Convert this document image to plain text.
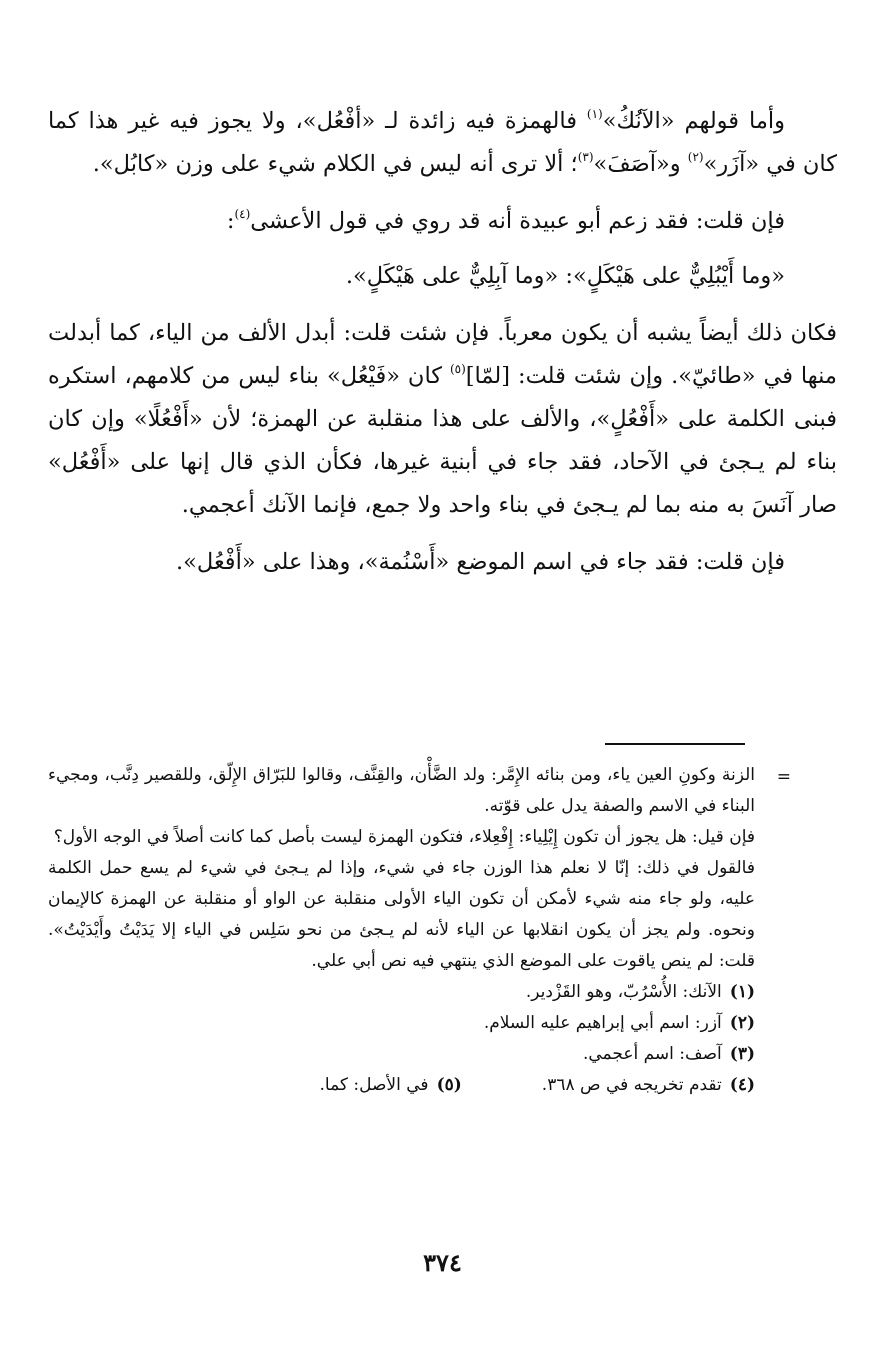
وأما قولهم «الآنُكُ»$^{(١)}$ فالهمزة فيه زائدة لـ «أفْعُل»، ولا يجوز فيه غير هذا كما كان في «آزَر»$^{(٢)}$ و«آصَفَ»$^{(٣)}$؛ ألا ترى أنه ليس في الكلام شيء على وزن «كابُل».

فإن قلت: فقد زعم أبو عبيدة أنه قد روي في قول الأعشى$^{(٤)}$:

«وما أَيْبُلِيٌّ على هَيْكَلٍ»: «وما آبِلِيٌّ على هَيْكَلٍ».

فكان ذلك أيضاً يشبه أن يكون معرباً. فإن شئت قلت: أبدل الألف من الياء، كما أبدلت منها في «طائيّ». وإن شئت قلت: [لمّا]$^{(٥)}$ كان «فَيْعُل» بناء ليس من كلامهم، استكره فبنى الكلمة على «أَفْعُلٍ»، والألف على هذا منقلبة عن الهمزة؛ لأن «أَفْعُلًا» وإن كان بناء لم يـجئ في الآحاد، فقد جاء في أبنية غيرها، فكأن الذي قال إنها على «أَفْعُل» صار آنَسَ به منه بما لم يـجئ في بناء واحد ولا جمع، فإنما الآنك أعجمي.

فإن قلت: فقد جاء في اسم الموضع «أَسْنُمة»، وهذا على «أَفْعُل».

=

الزنة وكونِ العين ياء، ومن بنائه الإِمَّر: ولد الضَّأْن، والقِنَّف، وقالوا للبَرّاق الإِلّق، وللقصير دِنَّب، ومجيء البناء في الاسم والصفة يدل على قوّته.

فإن قيل: هل يجوز أن تكون إِيْلِياء: إِفْعِلاء، فتكون الهمزة ليست بأصل كما كانت أصلاً في الوجه الأول؟

فالقول في ذلك: إنّا لا نعلم هذا الوزن جاء في شيء، وإذا لم يـجئ في شيء لم يسع حمل الكلمة عليه، ولو جاء منه شيء لأمكن أن تكون الياء الأولى منقلبة عن الواو أو منقلبة عن الهمزة كالإيمان ونحوه. ولم يجز أن يكون انقلابها عن الياء لأنه لم يـجئ من نحو سَلِس في الياء إلا يَدَيْتُ وأَيْدَيْتُ». قلت: لم ينص ياقوت على الموضع الذي ينتهي فيه نص أبي علي.

(١)الآنك: الأُسْرُبّ، وهو القَزْدير.

(٢)آزر: اسم أبي إبراهيم عليه السلام.

(٣)آصف: اسم أعجمي.

(٤)تقدم تخريجه في ص ٣٦٨.

(٥)في الأصل: كما.

٣٧٤
